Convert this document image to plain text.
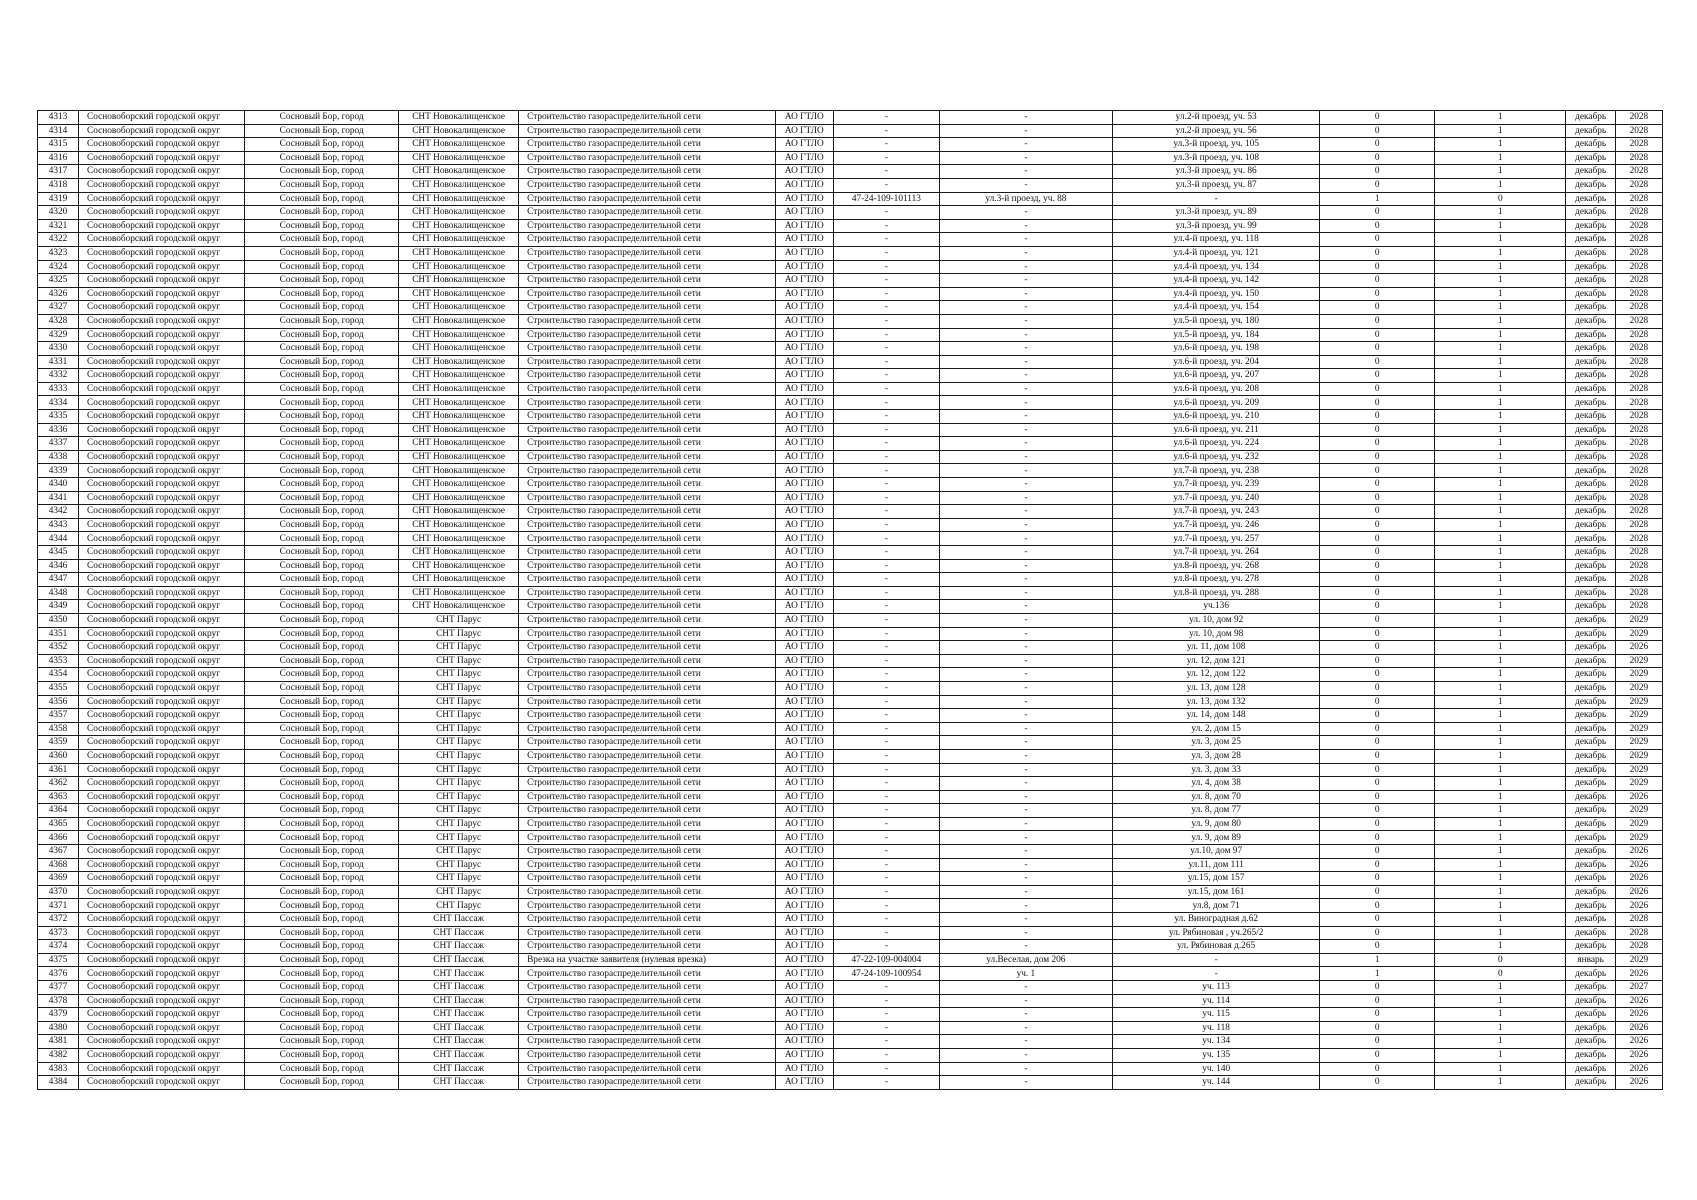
4313	Сосновоборский городской округ	Сосновый Бор, город	СНТ Новокалищенское	Строительство газораспределительной сети	АО ГТЛО	-	-	ул.2-й проезд, уч. 53	0	1	декабрь	2028
4314	Сосновоборский городской округ	Сосновый Бор, город	СНТ Новокалищенское	Строительство газораспределительной сети	АО ГТЛО	-	-	ул.2-й проезд, уч. 56	0	1	декабрь	2028
4315	Сосновоборский городской округ	Сосновый Бор, город	СНТ Новокалищенское	Строительство газораспределительной сети	АО ГТЛО	-	-	ул.3-й проезд, уч. 105	0	1	декабрь	2028
4316	Сосновоборский городской округ	Сосновый Бор, город	СНТ Новокалищенское	Строительство газораспределительной сети	АО ГТЛО	-	-	ул.3-й проезд, уч. 108	0	1	декабрь	2028
4317	Сосновоборский городской округ	Сосновый Бор, город	СНТ Новокалищенское	Строительство газораспределительной сети	АО ГТЛО	-	-	ул.3-й проезд, уч. 86	0	1	декабрь	2028
4318	Сосновоборский городской округ	Сосновый Бор, город	СНТ Новокалищенское	Строительство газораспределительной сети	АО ГТЛО	-	-	ул.3-й проезд, уч. 87	0	1	декабрь	2028
4319	Сосновоборский городской округ	Сосновый Бор, город	СНТ Новокалищенское	Строительство газораспределительной сети	АО ГТЛО	47-24-109-101113	ул.3-й проезд, уч. 88	-	1	0	декабрь	2028
4320	Сосновоборский городской округ	Сосновый Бор, город	СНТ Новокалищенское	Строительство газораспределительной сети	АО ГТЛО	-	-	ул.3-й проезд, уч. 89	0	1	декабрь	2028
4321	Сосновоборский городской округ	Сосновый Бор, город	СНТ Новокалищенское	Строительство газораспределительной сети	АО ГТЛО	-	-	ул.3-й проезд, уч. 99	0	1	декабрь	2028
4322	Сосновоборский городской округ	Сосновый Бор, город	СНТ Новокалищенское	Строительство газораспределительной сети	АО ГТЛО	-	-	ул.4-й проезд, уч. 118	0	1	декабрь	2028
4323	Сосновоборский городской округ	Сосновый Бор, город	СНТ Новокалищенское	Строительство газораспределительной сети	АО ГТЛО	-	-	ул.4-й проезд, уч. 121	0	1	декабрь	2028
4324	Сосновоборский городской округ	Сосновый Бор, город	СНТ Новокалищенское	Строительство газораспределительной сети	АО ГТЛО	-	-	ул.4-й проезд, уч. 134	0	1	декабрь	2028
4325	Сосновоборский городской округ	Сосновый Бор, город	СНТ Новокалищенское	Строительство газораспределительной сети	АО ГТЛО	-	-	ул.4-й проезд, уч. 142	0	1	декабрь	2028
4326	Сосновоборский городской округ	Сосновый Бор, город	СНТ Новокалищенское	Строительство газораспределительной сети	АО ГТЛО	-	-	ул.4-й проезд, уч. 150	0	1	декабрь	2028
4327	Сосновоборский городской округ	Сосновый Бор, город	СНТ Новокалищенское	Строительство газораспределительной сети	АО ГТЛО	-	-	ул.4-й проезд, уч. 154	0	1	декабрь	2028
4328	Сосновоборский городской округ	Сосновый Бор, город	СНТ Новокалищенское	Строительство газораспределительной сети	АО ГТЛО	-	-	ул.5-й проезд, уч. 180	0	1	декабрь	2028
4329	Сосновоборский городской округ	Сосновый Бор, город	СНТ Новокалищенское	Строительство газораспределительной сети	АО ГТЛО	-	-	ул.5-й проезд, уч. 184	0	1	декабрь	2028
4330	Сосновоборский городской округ	Сосновый Бор, город	СНТ Новокалищенское	Строительство газораспределительной сети	АО ГТЛО	-	-	ул.6-й проезд, уч. 198	0	1	декабрь	2028
4331	Сосновоборский городской округ	Сосновый Бор, город	СНТ Новокалищенское	Строительство газораспределительной сети	АО ГТЛО	-	-	ул.6-й проезд, уч. 204	0	1	декабрь	2028
4332	Сосновоборский городской округ	Сосновый Бор, город	СНТ Новокалищенское	Строительство газораспределительной сети	АО ГТЛО	-	-	ул.6-й проезд, уч. 207	0	1	декабрь	2028
4333	Сосновоборский городской округ	Сосновый Бор, город	СНТ Новокалищенское	Строительство газораспределительной сети	АО ГТЛО	-	-	ул.6-й проезд, уч. 208	0	1	декабрь	2028
4334	Сосновоборский городской округ	Сосновый Бор, город	СНТ Новокалищенское	Строительство газораспределительной сети	АО ГТЛО	-	-	ул.6-й проезд, уч. 209	0	1	декабрь	2028
4335	Сосновоборский городской округ	Сосновый Бор, город	СНТ Новокалищенское	Строительство газораспределительной сети	АО ГТЛО	-	-	ул.6-й проезд, уч. 210	0	1	декабрь	2028
4336	Сосновоборский городской округ	Сосновый Бор, город	СНТ Новокалищенское	Строительство газораспределительной сети	АО ГТЛО	-	-	ул.6-й проезд, уч. 211	0	1	декабрь	2028
4337	Сосновоборский городской округ	Сосновый Бор, город	СНТ Новокалищенское	Строительство газораспределительной сети	АО ГТЛО	-	-	ул.6-й проезд, уч. 224	0	1	декабрь	2028
4338	Сосновоборский городской округ	Сосновый Бор, город	СНТ Новокалищенское	Строительство газораспределительной сети	АО ГТЛО	-	-	ул.6-й проезд, уч. 232	0	1	декабрь	2028
4339	Сосновоборский городской округ	Сосновый Бор, город	СНТ Новокалищенское	Строительство газораспределительной сети	АО ГТЛО	-	-	ул.7-й проезд, уч. 238	0	1	декабрь	2028
4340	Сосновоборский городской округ	Сосновый Бор, город	СНТ Новокалищенское	Строительство газораспределительной сети	АО ГТЛО	-	-	ул.7-й проезд, уч. 239	0	1	декабрь	2028
4341	Сосновоборский городской округ	Сосновый Бор, город	СНТ Новокалищенское	Строительство газораспределительной сети	АО ГТЛО	-	-	ул.7-й проезд, уч. 240	0	1	декабрь	2028
4342	Сосновоборский городской округ	Сосновый Бор, город	СНТ Новокалищенское	Строительство газораспределительной сети	АО ГТЛО	-	-	ул.7-й проезд, уч. 243	0	1	декабрь	2028
4343	Сосновоборский городской округ	Сосновый Бор, город	СНТ Новокалищенское	Строительство газораспределительной сети	АО ГТЛО	-	-	ул.7-й проезд, уч. 246	0	1	декабрь	2028
4344	Сосновоборский городской округ	Сосновый Бор, город	СНТ Новокалищенское	Строительство газораспределительной сети	АО ГТЛО	-	-	ул.7-й проезд, уч. 257	0	1	декабрь	2028
4345	Сосновоборский городской округ	Сосновый Бор, город	СНТ Новокалищенское	Строительство газораспределительной сети	АО ГТЛО	-	-	ул.7-й проезд, уч. 264	0	1	декабрь	2028
4346	Сосновоборский городской округ	Сосновый Бор, город	СНТ Новокалищенское	Строительство газораспределительной сети	АО ГТЛО	-	-	ул.8-й проезд, уч. 268	0	1	декабрь	2028
4347	Сосновоборский городской округ	Сосновый Бор, город	СНТ Новокалищенское	Строительство газораспределительной сети	АО ГТЛО	-	-	ул.8-й проезд, уч. 278	0	1	декабрь	2028
4348	Сосновоборский городской округ	Сосновый Бор, город	СНТ Новокалищенское	Строительство газораспределительной сети	АО ГТЛО	-	-	ул.8-й проезд, уч. 288	0	1	декабрь	2028
4349	Сосновоборский городской округ	Сосновый Бор, город	СНТ Новокалищенское	Строительство газораспределительной сети	АО ГТЛО	-	-	уч.136	0	1	декабрь	2028
4350	Сосновоборский городской округ	Сосновый Бор, город	СНТ Парус	Строительство газораспределительной сети	АО ГТЛО	-	-	ул. 10, дом 92	0	1	декабрь	2029
4351	Сосновоборский городской округ	Сосновый Бор, город	СНТ Парус	Строительство газораспределительной сети	АО ГТЛО	-	-	ул. 10, дом 98	0	1	декабрь	2029
4352	Сосновоборский городской округ	Сосновый Бор, город	СНТ Парус	Строительство газораспределительной сети	АО ГТЛО	-	-	ул. 11, дом 108	0	1	декабрь	2026
4353	Сосновоборский городской округ	Сосновый Бор, город	СНТ Парус	Строительство газораспределительной сети	АО ГТЛО	-	-	ул. 12, дом 121	0	1	декабрь	2029
4354	Сосновоборский городской округ	Сосновый Бор, город	СНТ Парус	Строительство газораспределительной сети	АО ГТЛО	-	-	ул. 12, дом 122	0	1	декабрь	2029
4355	Сосновоборский городской округ	Сосновый Бор, город	СНТ Парус	Строительство газораспределительной сети	АО ГТЛО	-	-	ул. 13, дом 128	0	1	декабрь	2029
4356	Сосновоборский городской округ	Сосновый Бор, город	СНТ Парус	Строительство газораспределительной сети	АО ГТЛО	-	-	ул. 13, дом 132	0	1	декабрь	2029
4357	Сосновоборский городской округ	Сосновый Бор, город	СНТ Парус	Строительство газораспределительной сети	АО ГТЛО	-	-	ул. 14, дом 148	0	1	декабрь	2029
4358	Сосновоборский городской округ	Сосновый Бор, город	СНТ Парус	Строительство газораспределительной сети	АО ГТЛО	-	-	ул. 2, дом 15	0	1	декабрь	2029
4359	Сосновоборский городской округ	Сосновый Бор, город	СНТ Парус	Строительство газораспределительной сети	АО ГТЛО	-	-	ул. 3, дом 25	0	1	декабрь	2029
4360	Сосновоборский городской округ	Сосновый Бор, город	СНТ Парус	Строительство газораспределительной сети	АО ГТЛО	-	-	ул. 3, дом 28	0	1	декабрь	2029
4361	Сосновоборский городской округ	Сосновый Бор, город	СНТ Парус	Строительство газораспределительной сети	АО ГТЛО	-	-	ул. 3, дом 33	0	1	декабрь	2029
4362	Сосновоборский городской округ	Сосновый Бор, город	СНТ Парус	Строительство газораспределительной сети	АО ГТЛО	-	-	ул. 4, дом 38	0	1	декабрь	2029
4363	Сосновоборский городской округ	Сосновый Бор, город	СНТ Парус	Строительство газораспределительной сети	АО ГТЛО	-	-	ул. 8, дом 70	0	1	декабрь	2026
4364	Сосновоборский городской округ	Сосновый Бор, город	СНТ Парус	Строительство газораспределительной сети	АО ГТЛО	-	-	ул. 8, дом 77	0	1	декабрь	2029
4365	Сосновоборский городской округ	Сосновый Бор, город	СНТ Парус	Строительство газораспределительной сети	АО ГТЛО	-	-	ул. 9, дом 80	0	1	декабрь	2029
4366	Сосновоборский городской округ	Сосновый Бор, город	СНТ Парус	Строительство газораспределительной сети	АО ГТЛО	-	-	ул. 9, дом 89	0	1	декабрь	2029
4367	Сосновоборский городской округ	Сосновый Бор, город	СНТ Парус	Строительство газораспределительной сети	АО ГТЛО	-	-	ул.10, дом 97	0	1	декабрь	2026
4368	Сосновоборский городской округ	Сосновый Бор, город	СНТ Парус	Строительство газораспределительной сети	АО ГТЛО	-	-	ул.11, дом 111	0	1	декабрь	2026
4369	Сосновоборский городской округ	Сосновый Бор, город	СНТ Парус	Строительство газораспределительной сети	АО ГТЛО	-	-	ул.15, дом 157	0	1	декабрь	2026
4370	Сосновоборский городской округ	Сосновый Бор, город	СНТ Парус	Строительство газораспределительной сети	АО ГТЛО	-	-	ул.15, дом 161	0	1	декабрь	2026
4371	Сосновоборский городской округ	Сосновый Бор, город	СНТ Парус	Строительство газораспределительной сети	АО ГТЛО	-	-	ул.8, дом 71	0	1	декабрь	2026
4372	Сосновоборский городской округ	Сосновый Бор, город	СНТ Пассаж	Строительство газораспределительной сети	АО ГТЛО	-	-	ул. Виноградная д.62	0	1	декабрь	2028
4373	Сосновоборский городской округ	Сосновый Бор, город	СНТ Пассаж	Строительство газораспределительной сети	АО ГТЛО	-	-	ул. Рябиновая , уч.265/2	0	1	декабрь	2028
4374	Сосновоборский городской округ	Сосновый Бор, город	СНТ Пассаж	Строительство газораспределительной сети	АО ГТЛО	-	-	ул. Рябиновая д.265	0	1	декабрь	2028
4375	Сосновоборский городской округ	Сосновый Бор, город	СНТ Пассаж	Врезка на участке заявителя (нулевая врезка)	АО ГТЛО	47-22-109-004004	ул.Веселая, дом 206	-	1	0	январь	2029
4376	Сосновоборский городской округ	Сосновый Бор, город	СНТ Пассаж	Строительство газораспределительной сети	АО ГТЛО	47-24-109-100954	уч. 1	-	1	0	декабрь	2026
4377	Сосновоборский городской округ	Сосновый Бор, город	СНТ Пассаж	Строительство газораспределительной сети	АО ГТЛО	-	-	уч. 113	0	1	декабрь	2027
4378	Сосновоборский городской округ	Сосновый Бор, город	СНТ Пассаж	Строительство газораспределительной сети	АО ГТЛО	-	-	уч. 114	0	1	декабрь	2026
4379	Сосновоборский городской округ	Сосновый Бор, город	СНТ Пассаж	Строительство газораспределительной сети	АО ГТЛО	-	-	уч. 115	0	1	декабрь	2026
4380	Сосновоборский городской округ	Сосновый Бор, город	СНТ Пассаж	Строительство газораспределительной сети	АО ГТЛО	-	-	уч. 118	0	1	декабрь	2026
4381	Сосновоборский городской округ	Сосновый Бор, город	СНТ Пассаж	Строительство газораспределительной сети	АО ГТЛО	-	-	уч. 134	0	1	декабрь	2026
4382	Сосновоборский городской округ	Сосновый Бор, город	СНТ Пассаж	Строительство газораспределительной сети	АО ГТЛО	-	-	уч. 135	0	1	декабрь	2026
4383	Сосновоборский городской округ	Сосновый Бор, город	СНТ Пассаж	Строительство газораспределительной сети	АО ГТЛО	-	-	уч. 140	0	1	декабрь	2026
4384	Сосновоборский городской округ	Сосновый Бор, город	СНТ Пассаж	Строительство газораспределительной сети	АО ГТЛО	-	-	уч. 144	0	1	декабрь	2026
